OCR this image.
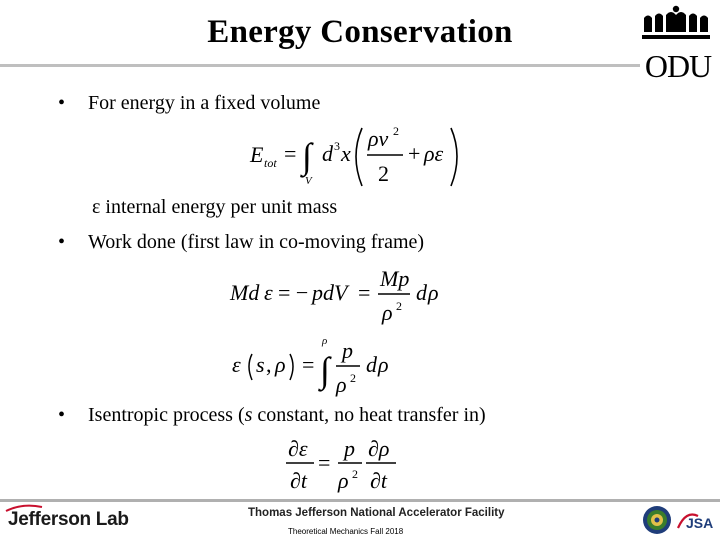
Energy Conservation
ODU
• For energy in a fixed volume
E tot = ∫
V
d 3 x
ρv 2
2
+ ρε
ε internal energy per unit mass
• Work done (first law in co-moving frame)
Md ε = − pdV =
Mp
ρ 2
d ρ
ε s , ρ =
ρ
∫ p
ρ 2
d ρ
• Isentropic process (s constant, no heat transfer in)
∂ε
∂t
=
p
ρ 2
∂ρ
∂t
Jefferson Lab	Thomas Jefferson National Accelerator Facility
Theoretical Mechanics Fall 2018
JSA
